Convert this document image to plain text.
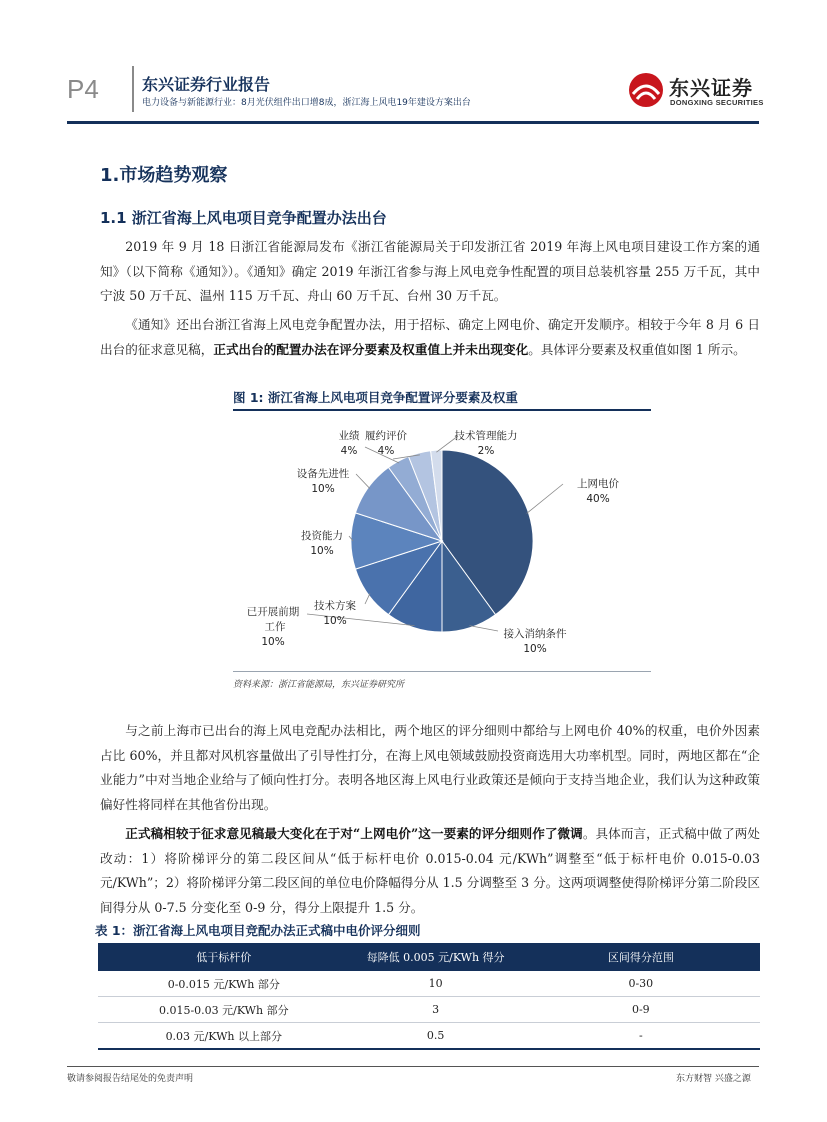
P4	东兴证券行业报告
电力设备与新能源行业：8月光伏组件出口增8成，浙江海上风电19年建设方案出台
东兴证券
DONGXING SECURITIES
1.市场趋势观察
1.1 浙江省海上风电项目竞争配置办法出台
2019 年 9 月 18 日浙江省能源局发布《浙江省能源局关于印发浙江省 2019 年海上风电项目建设工作方案的通知》（以下简称《通知》）。《通知》确定 2019 年浙江省参与海上风电竞争性配置的项目总装机容量 255 万千瓦，其中宁波 50 万千瓦、温州 115 万千瓦、舟山 60 万千瓦、台州 30 万千瓦。
《通知》还出台浙江省海上风电竞争配置办法，用于招标、确定上网电价、确定开发顺序。相较于今年 8 月 6 日出台的征求意见稿，正式出台的配置办法在评分要素及权重值上并未出现变化。具体评分要素及权重值如图 1 所示。
图 1: 浙江省海上风电项目竞争配置评分要素及权重
上网电价
40%
接入消纳条件
10%
已开展前期
工作
10%
技术方案
10%
投资能力
10%
设备先进性
10%
业绩
4%
履约评价
4%
技术管理能力
2%
资料来源：浙江省能源局，东兴证券研究所
与之前上海市已出台的海上风电竞配办法相比，两个地区的评分细则中都给与上网电价 40%的权重，电价外因素占比 60%，并且都对风机容量做出了引导性打分，在海上风电领域鼓励投资商选用大功率机型。同时，两地区都在“企业能力”中对当地企业给与了倾向性打分。表明各地区海上风电行业政策还是倾向于支持当地企业，我们认为这种政策偏好性将同样在其他省份出现。
正式稿相较于征求意见稿最大变化在于对“上网电价”这一要素的评分细则作了微调。具体而言，正式稿中做了两处改动：1）将阶梯评分的第二段区间从“低于标杆电价 0.015-0.04 元/KWh”调整至“低于标杆电价 0.015-0.03 元/KWh”；2）将阶梯评分第二段区间的单位电价降幅得分从 1.5 分调整至 3 分。这两项调整使得阶梯评分第二阶段区间得分从 0-7.5 分变化至 0-9 分，得分上限提升 1.5 分。
表 1：浙江省海上风电项目竞配办法正式稿中电价评分细则
低于标杆价	每降低 0.005 元/KWh 得分	区间得分范围
0-0.015 元/KWh 部分	10	0-30
0.015-0.03 元/KWh 部分	3	0-9
0.03 元/KWh 以上部分	0.5	-
敬请参阅报告结尾处的免责声明	东方财智 兴盛之源
